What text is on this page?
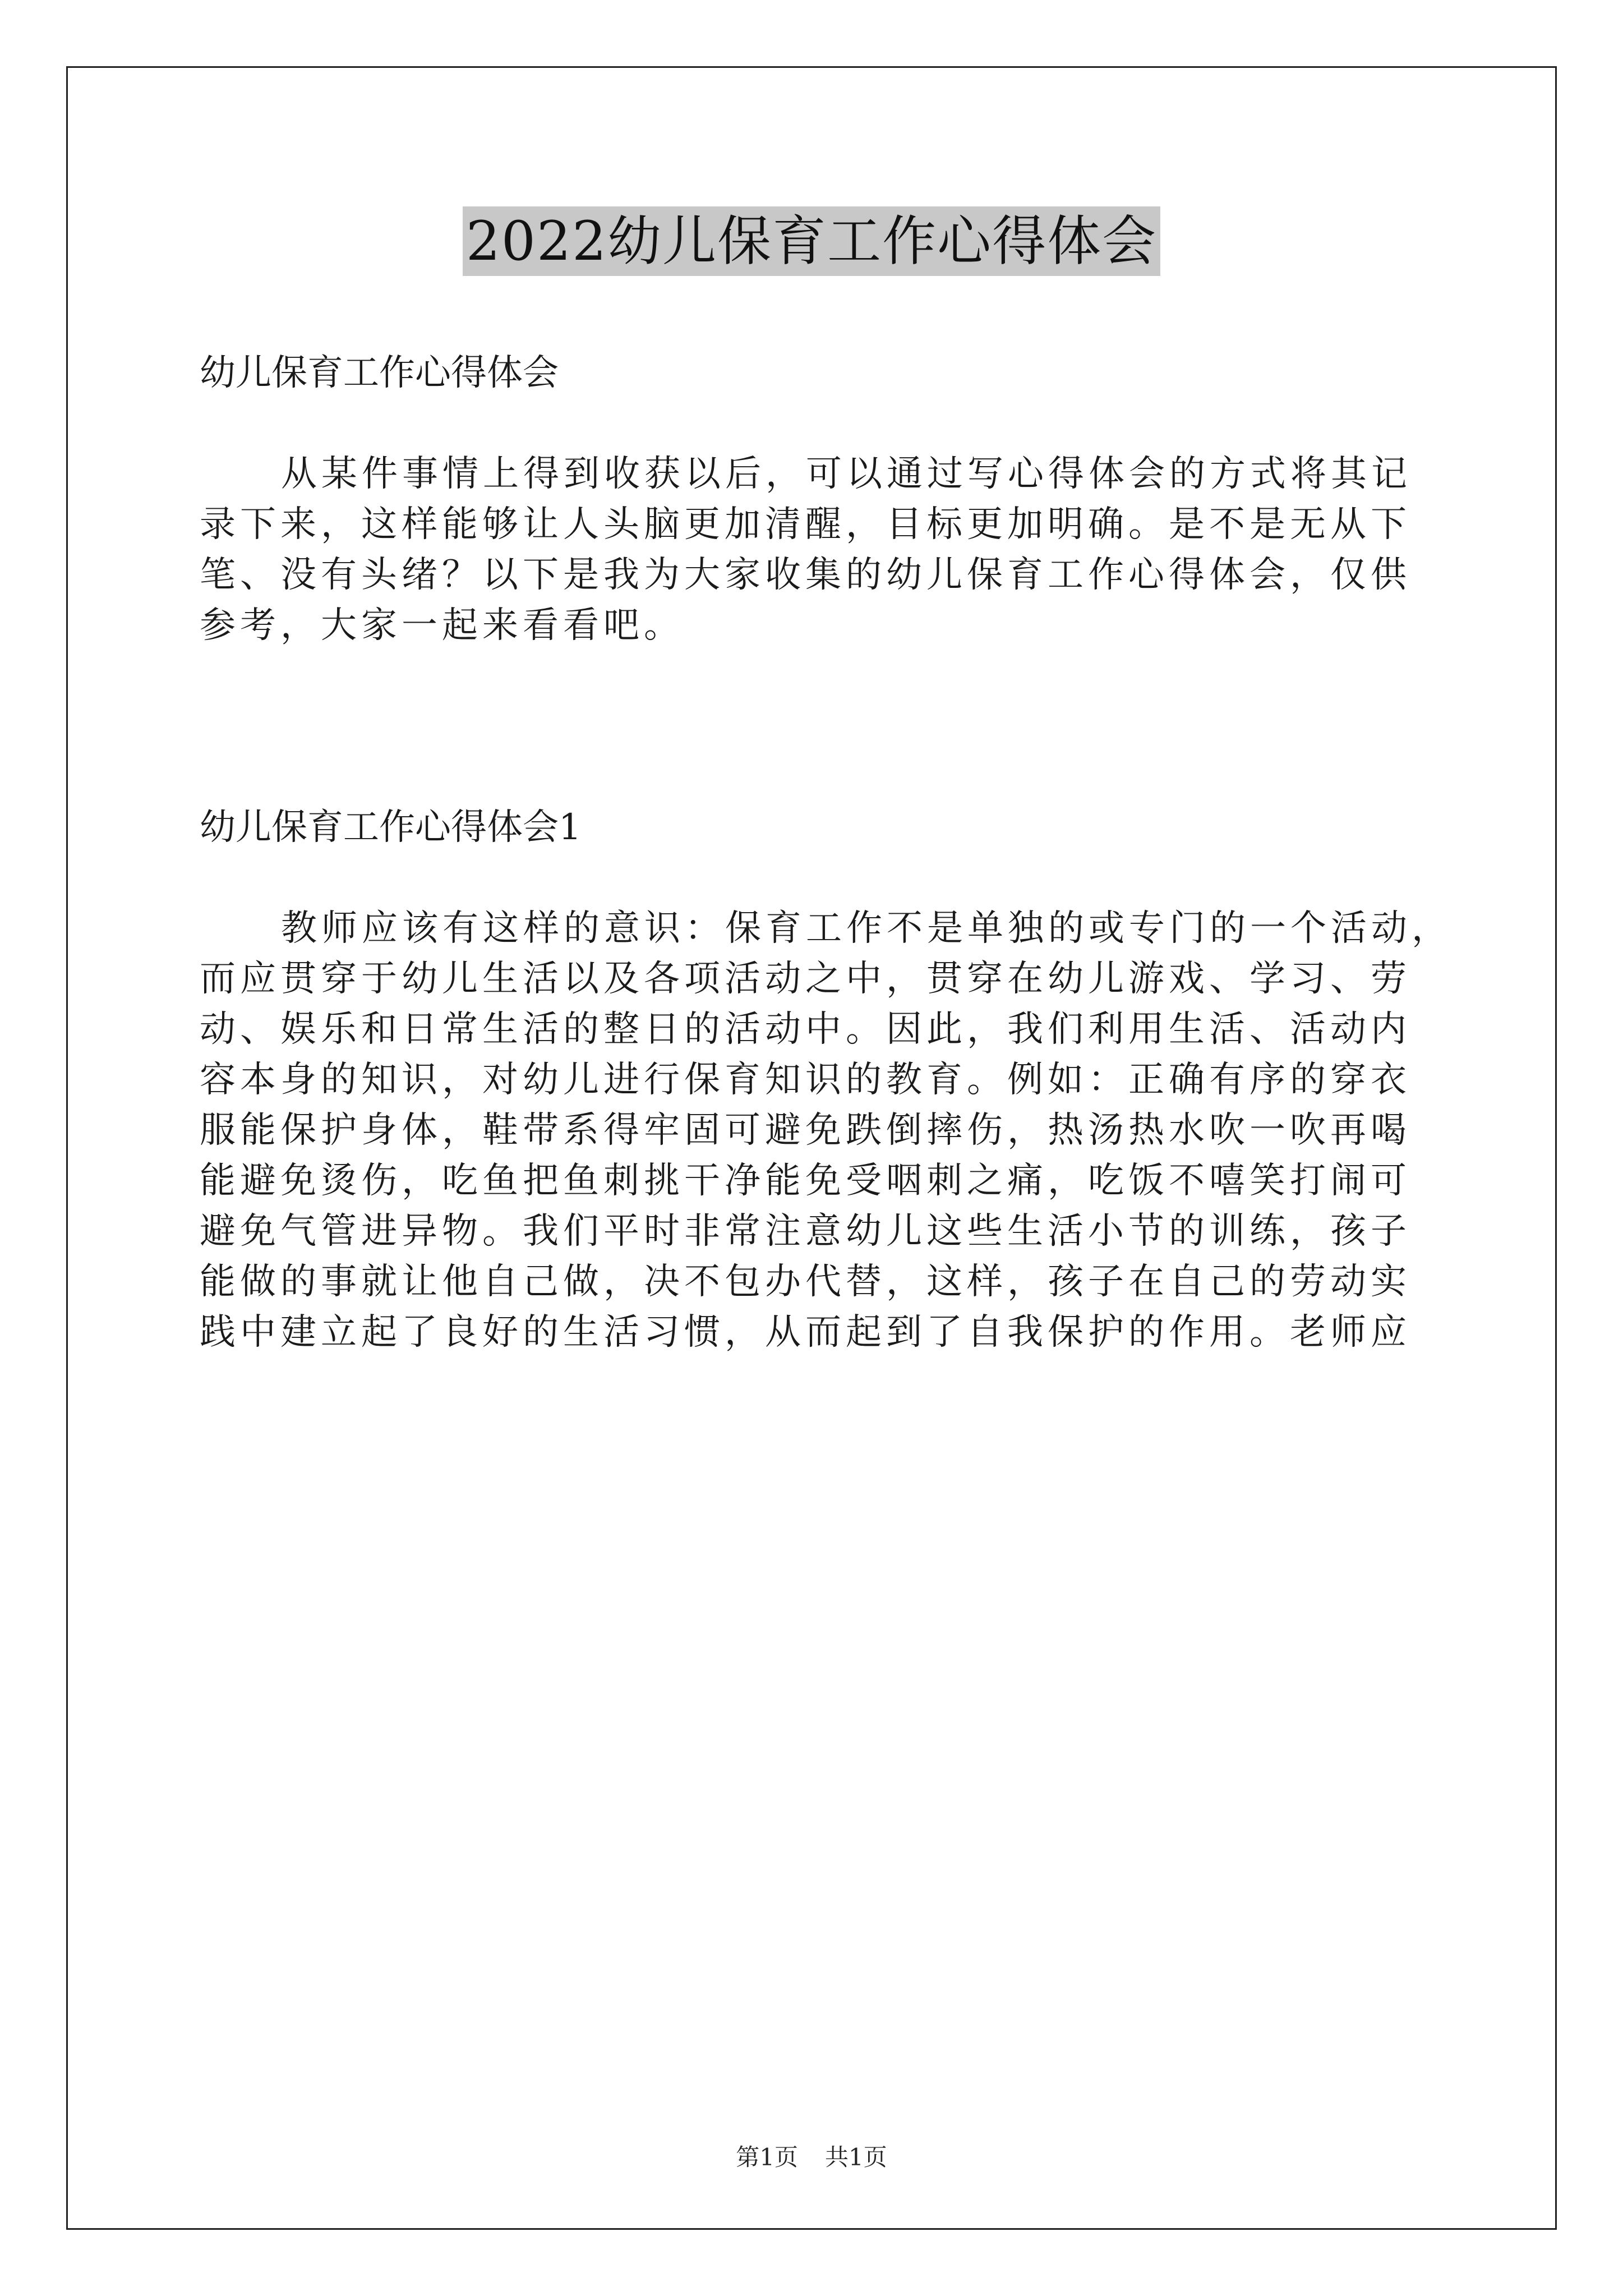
2022幼儿保育工作心得体会

幼儿保育工作心得体会

从某件事情上得到收获以后，可以通过写心得体会的方式将其记

录下来，这样能够让人头脑更加清醒，目标更加明确。是不是无从下

笔、没有头绪？以下是我为大家收集的幼儿保育工作心得体会，仅供

参考，大家一起来看看吧。

幼儿保育工作心得体会1

教师应该有这样的意识：保育工作不是单独的或专门的一个活动，

而应贯穿于幼儿生活以及各项活动之中，贯穿在幼儿游戏、学习、劳

动、娱乐和日常生活的整日的活动中。因此，我们利用生活、活动内

容本身的知识，对幼儿进行保育知识的教育。例如：正确有序的穿衣

服能保护身体，鞋带系得牢固可避免跌倒摔伤，热汤热水吹一吹再喝

能避免烫伤，吃鱼把鱼刺挑干净能免受咽刺之痛，吃饭不嘻笑打闹可

避免气管进异物。我们平时非常注意幼儿这些生活小节的训练，孩子

能做的事就让他自己做，决不包办代替，这样，孩子在自己的劳动实

践中建立起了良好的生活习惯，从而起到了自我保护的作用。老师应

第1页 共1页
